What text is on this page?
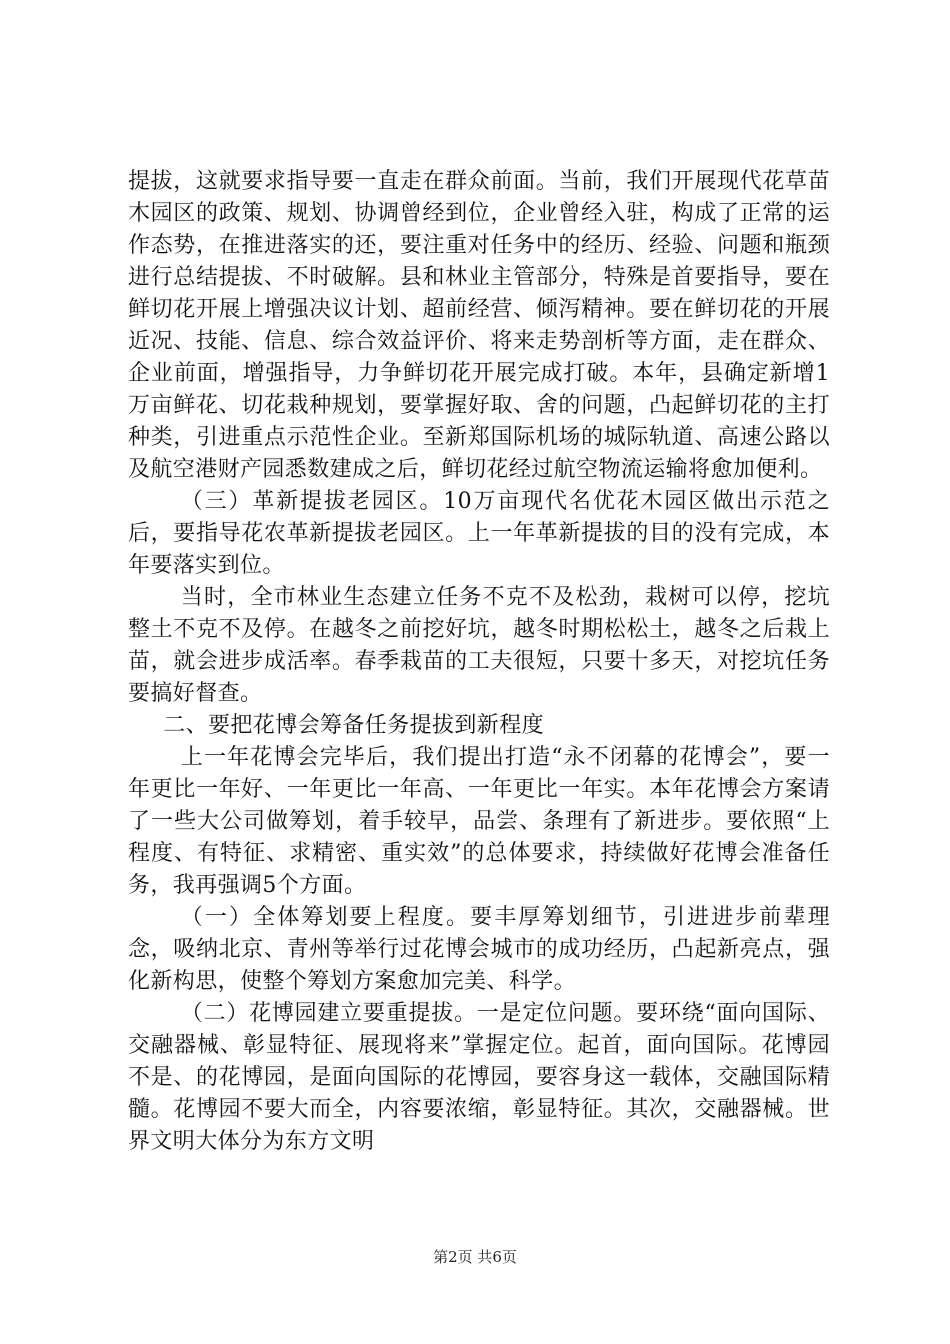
提拔，这就要求指导要一直走在群众前面。当前，我们开展现代花草苗木园区的政策、规划、协调曾经到位，企业曾经入驻，构成了正常的运作态势，在推进落实的还，要注重对任务中的经历、经验、问题和瓶颈进行总结提拔、不时破解。县和林业主管部分，特殊是首要指导，要在鲜切花开展上增强决议计划、超前经营、倾泻精神。要在鲜切花的开展近况、技能、信息、综合效益评价、将来走势剖析等方面，走在群众、企业前面，增强指导，力争鲜切花开展完成打破。本年，县确定新增1万亩鲜花、切花栽种规划，要掌握好取、舍的问题，凸起鲜切花的主打种类，引进重点示范性企业。至新郑国际机场的城际轨道、高速公路以及航空港财产园悉数建成之后，鲜切花经过航空物流运输将愈加便利。

（三）革新提拔老园区。10万亩现代名优花木园区做出示范之后，要指导花农革新提拔老园区。上一年革新提拔的目的没有完成，本年要落实到位。

当时，全市林业生态建立任务不克不及松劲，栽树可以停，挖坑整土不克不及停。在越冬之前挖好坑，越冬时期松松土，越冬之后栽上苗，就会进步成活率。春季栽苗的工夫很短，只要十多天，对挖坑任务要搞好督查。

二、要把花博会筹备任务提拔到新程度

上一年花博会完毕后，我们提出打造“永不闭幕的花博会”，要一年更比一年好、一年更比一年高、一年更比一年实。本年花博会方案请了一些大公司做筹划，着手较早，品尝、条理有了新进步。要依照“上程度、有特征、求精密、重实效”的总体要求，持续做好花博会准备任务，我再强调5个方面。

（一）全体筹划要上程度。要丰厚筹划细节，引进进步前辈理念，吸纳北京、青州等举行过花博会城市的成功经历，凸起新亮点，强化新构思，使整个筹划方案愈加完美、科学。

（二）花博园建立要重提拔。一是定位问题。要环绕“面向国际、交融器械、彰显特征、展现将来”掌握定位。起首，面向国际。花博园不是、的花博园，是面向国际的花博园，要容身这一载体，交融国际精髓。花博园不要大而全，内容要浓缩，彰显特征。其次，交融器械。世界文明大体分为东方文明

第2页 共6页
